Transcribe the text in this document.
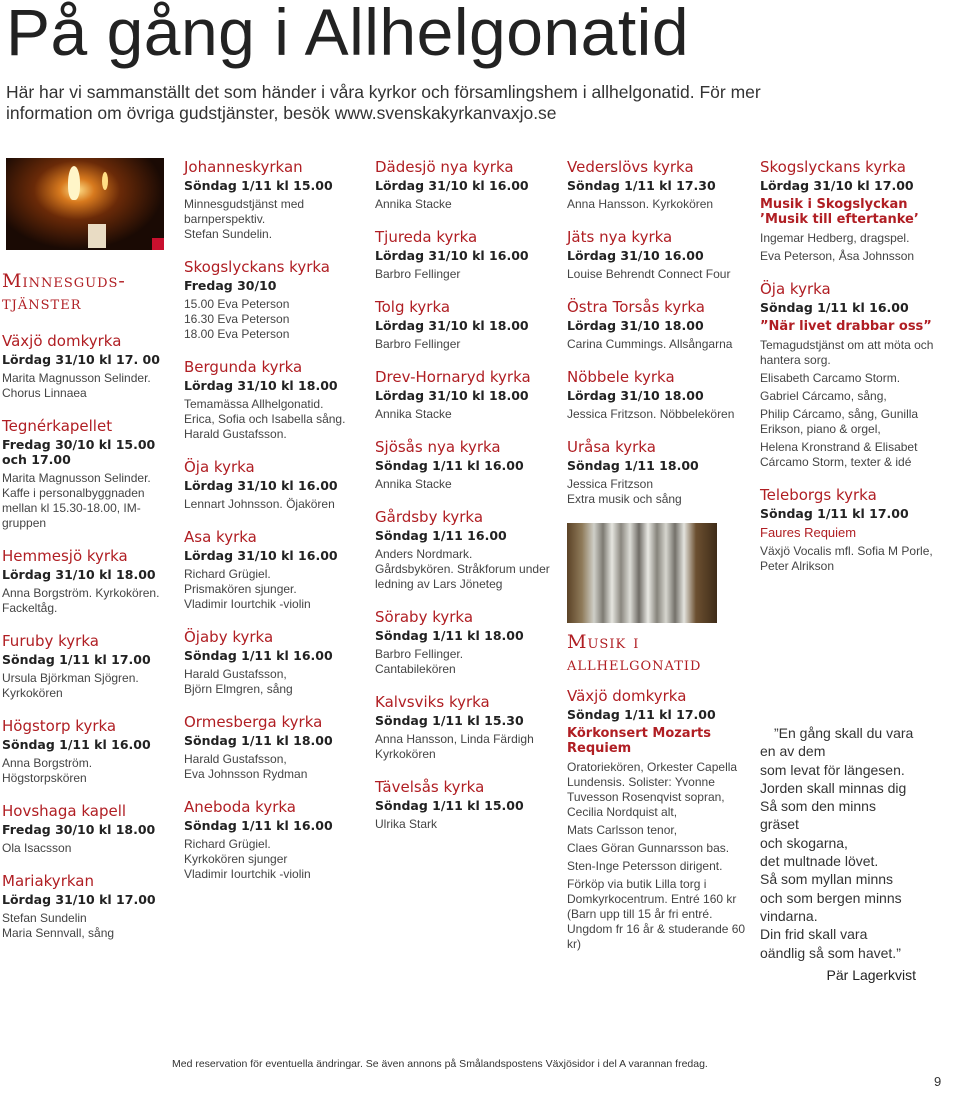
På gång i Allhelgonatid
Här har vi sammanställt det som händer i våra kyrkor och församlingshem i allhelgonatid. För mer information om övriga gudstjänster, besök www.svenskakyrkanvaxjo.se
Minnesguds-tjänster
Växjö domkyrka
Lördag 31/10 kl 17. 00
Marita Magnusson Selinder.
Chorus Linnaea
Tegnérkapellet
Fredag 30/10 kl 15.00 och 17.00
Marita Magnusson Selinder.
Kaffe i personalbyggnaden mellan kl 15.30-18.00, IM-gruppen
Hemmesjö kyrka
Lördag 31/10 kl 18.00
Anna Borgström. Kyrkokören. Fackeltåg.
Furuby kyrka
Söndag 1/11 kl 17.00
Ursula Björkman Sjögren. Kyrkokören
Högstorp kyrka
Söndag 1/11 kl 16.00
Anna Borgström.
Högstorpskören
Hovshaga kapell
Fredag 30/10 kl 18.00
Ola Isacsson
Mariakyrkan
Lördag 31/10 kl 17.00
Stefan Sundelin
Maria Sennvall, sång
Johanneskyrkan
Söndag 1/11 kl 15.00
Minnesgudstjänst med barnperspektiv.
Stefan Sundelin.
Skogslyckans kyrka
Fredag 30/10
15.00 Eva Peterson
16.30 Eva Peterson
18.00 Eva Peterson
Bergunda kyrka
Lördag 31/10 kl 18.00
Temamässa Allhelgonatid.
Erica, Sofia och Isabella sång.
Harald Gustafsson.
Öja kyrka
Lördag 31/10 kl 16.00
Lennart Johnsson. Öjakören
Asa kyrka
Lördag 31/10 kl 16.00
Richard Grügiel.
Prismakören sjunger.
Vladimir Iourtchik -violin
Öjaby kyrka
Söndag 1/11 kl 16.00
Harald Gustafsson,
Björn Elmgren, sång
Ormesberga kyrka
Söndag 1/11 kl 18.00
Harald Gustafsson,
Eva Johnsson Rydman
Aneboda kyrka
Söndag 1/11 kl 16.00
Richard Grügiel.
Kyrkokören sjunger
Vladimir Iourtchik -violin
Dädesjö nya kyrka
Lördag 31/10 kl 16.00
Annika Stacke
Tjureda kyrka
Lördag 31/10 kl 16.00
Barbro Fellinger
Tolg kyrka
Lördag 31/10 kl 18.00
Barbro Fellinger
Drev-Hornaryd kyrka
Lördag 31/10 kl 18.00
Annika Stacke
Sjösås nya kyrka
Söndag 1/11 kl 16.00
Annika Stacke
Gårdsby kyrka
Söndag 1/11 16.00
Anders Nordmark.
Gårdsbykören. Stråkforum under ledning av Lars Jöneteg
Söraby kyrka
Söndag 1/11 kl 18.00
Barbro Fellinger.
Cantabilekören
Kalvsviks kyrka
Söndag 1/11 kl 15.30
Anna Hansson, Linda Färdigh
Kyrkokören
Tävelsås kyrka
Söndag 1/11 kl 15.00
Ulrika Stark
Vederslövs kyrka
Söndag 1/11 kl 17.30
Anna Hansson. Kyrkokören
Jäts nya kyrka
Lördag 31/10 16.00
Louise Behrendt Connect Four
Östra Torsås kyrka
Lördag 31/10 18.00
Carina Cummings. Allsångarna
Nöbbele kyrka
Lördag 31/10 18.00
Jessica Fritzson. Nöbbelekören
Uråsa kyrka
Söndag 1/11 18.00
Jessica Fritzson
Extra musik och sång
Musik i allhelgonatid
Växjö domkyrka
Söndag 1/11 kl 17.00
Körkonsert Mozarts Requiem
Oratoriekören, Orkester Capella Lundensis. Solister: Yvonne Tuvesson Rosenqvist sopran, Cecilia Nordquist alt,
Mats Carlsson tenor,
Claes Göran Gunnarsson bas.
Sten-Inge Petersson dirigent.
Förköp via butik Lilla torg i Domkyrkocentrum. Entré 160 kr (Barn upp till 15 år fri entré. Ungdom fr 16 år & studerande 60 kr)
Skogslyckans kyrka
Lördag 31/10 kl 17.00
Musik i Skogslyckan ’Musik till eftertanke’
Ingemar Hedberg, dragspel.
Eva Peterson, Åsa Johnsson
Öja kyrka
Söndag 1/11 kl 16.00
”När livet drabbar oss”
Temagudstjänst om att möta och hantera sorg.
Elisabeth Carcamo Storm.
Gabriel Cárcamo, sång,
Philip Cárcamo, sång, Gunilla Erikson, piano & orgel,
Helena Kronstrand & Elisabet Cárcamo Storm, texter & idé
Teleborgs kyrka
Söndag 1/11 kl 17.00
Faures Requiem
Växjö Vocalis mfl. Sofia M Porle, Peter Alrikson
”En gång skall du vara
en av dem
som levat för längesen.
Jorden skall minnas dig
Så som den minns
gräset
och skogarna,
det multnade lövet.
Så som myllan minns
och som bergen minns
vindarna.
Din frid skall vara
oändlig så som havet.”
Pär Lagerkvist
Med reservation för eventuella ändringar. Se även annons på Smålandspostens Växjösidor i del A varannan fredag.
9
